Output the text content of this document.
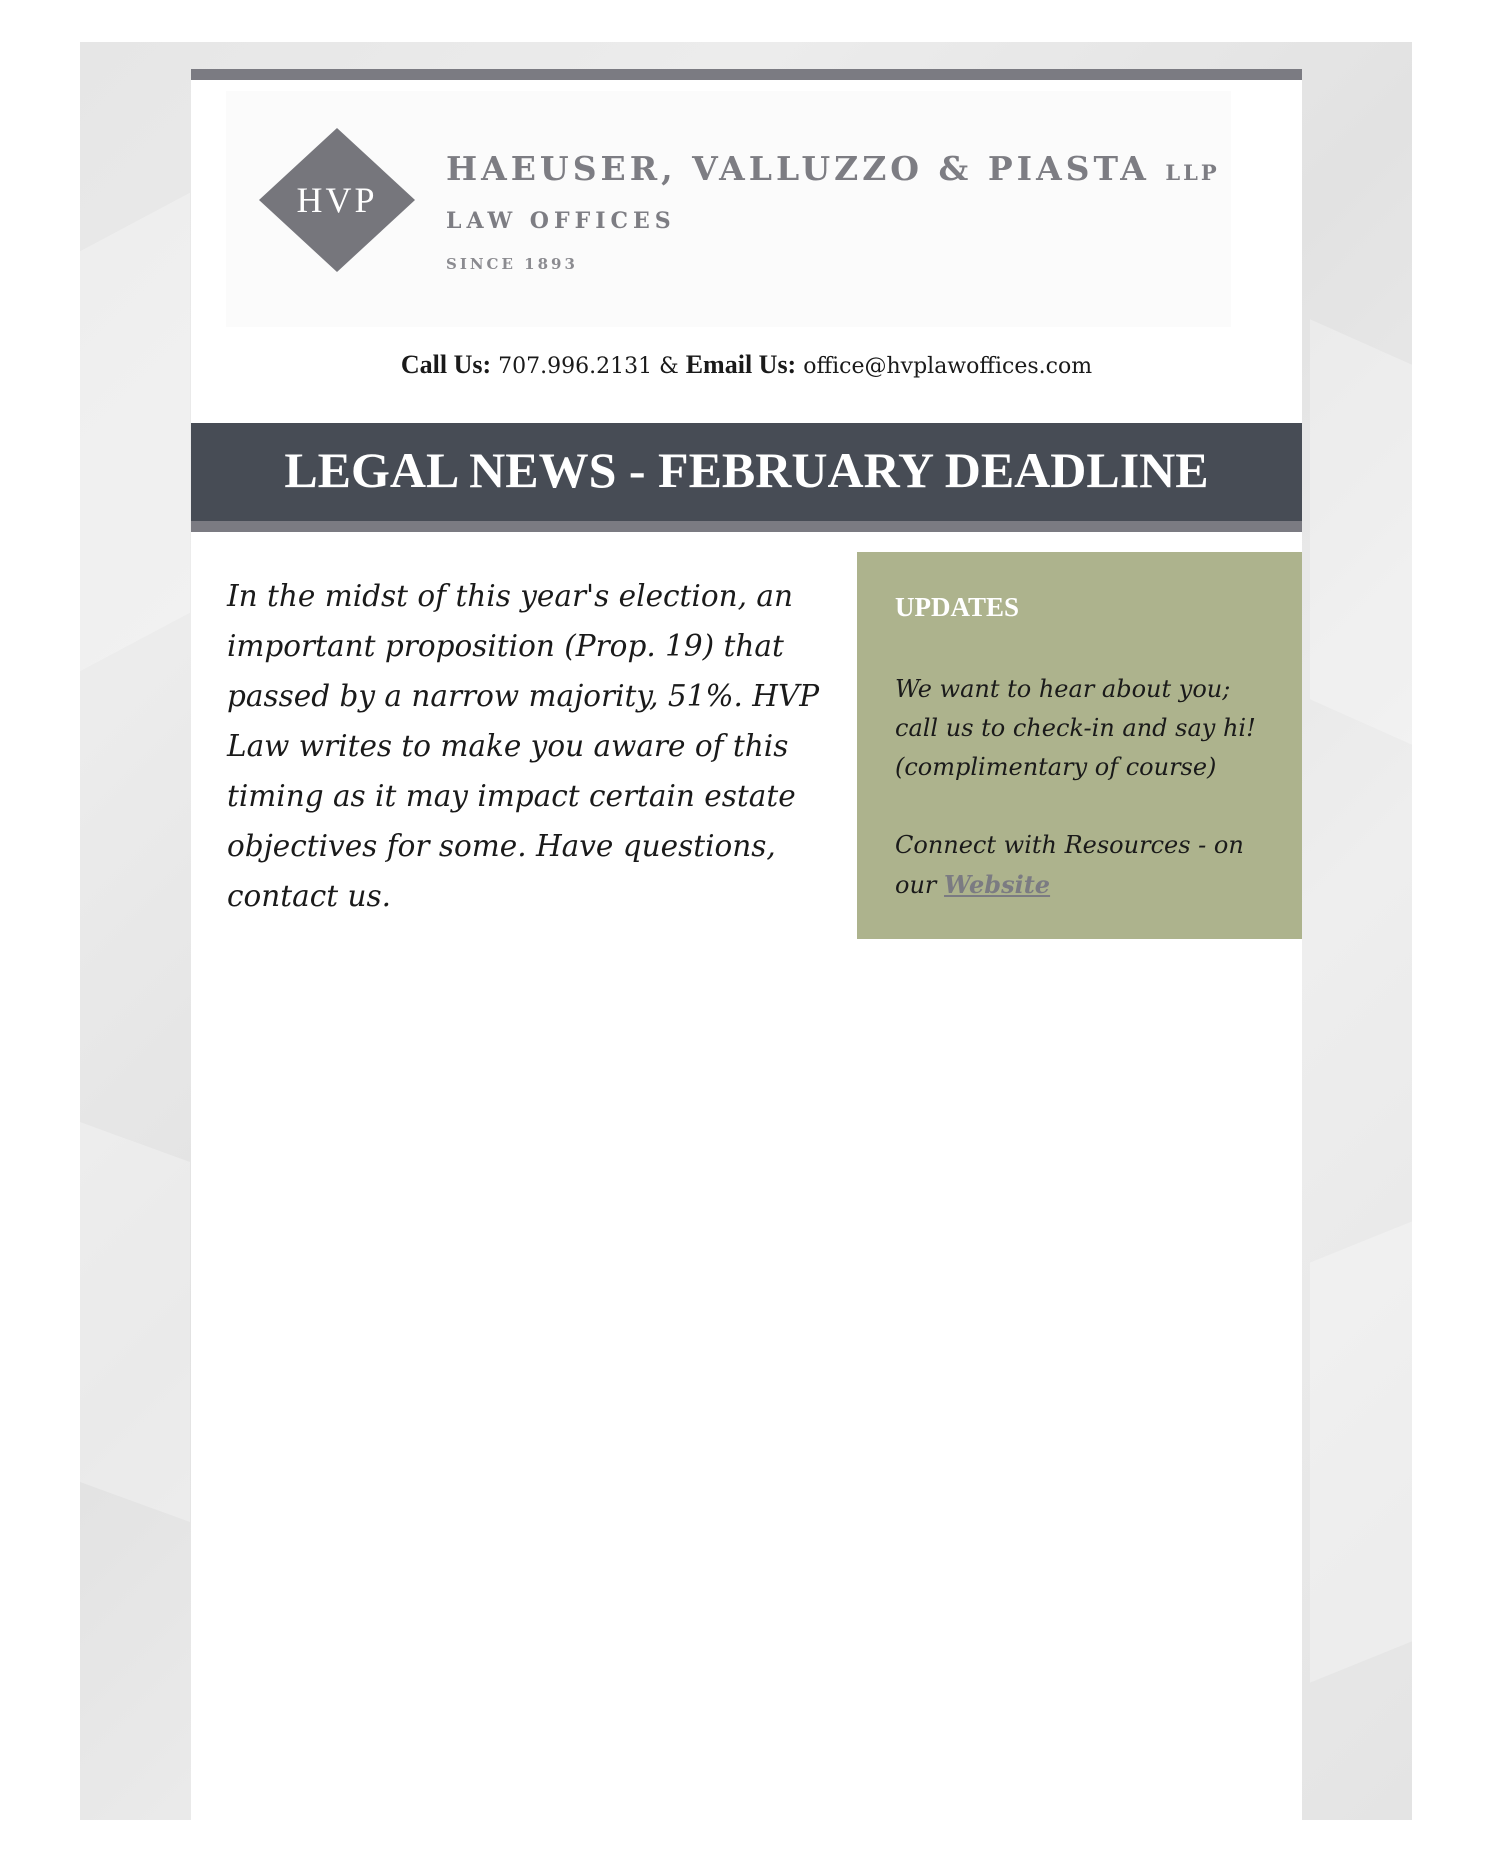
HVP
HAEUSER, VALLUZZO & PIASTA LLP
LAW OFFICES
SINCE 1893
Call Us: 707.996.2131 & Email Us: office@hvplawoffices.com
LEGAL NEWS - FEBRUARY DEADLINE

In the midst of this year's election, an important proposition (Prop. 19) that passed by a narrow majority, 51%. HVP Law writes to make you aware of this timing as it may impact certain estate objectives for some. Have questions, contact us.

UPDATES

We want to hear about you; call us to check-in and say hi! (complimentary of course)

Connect with Resources - on our Website
